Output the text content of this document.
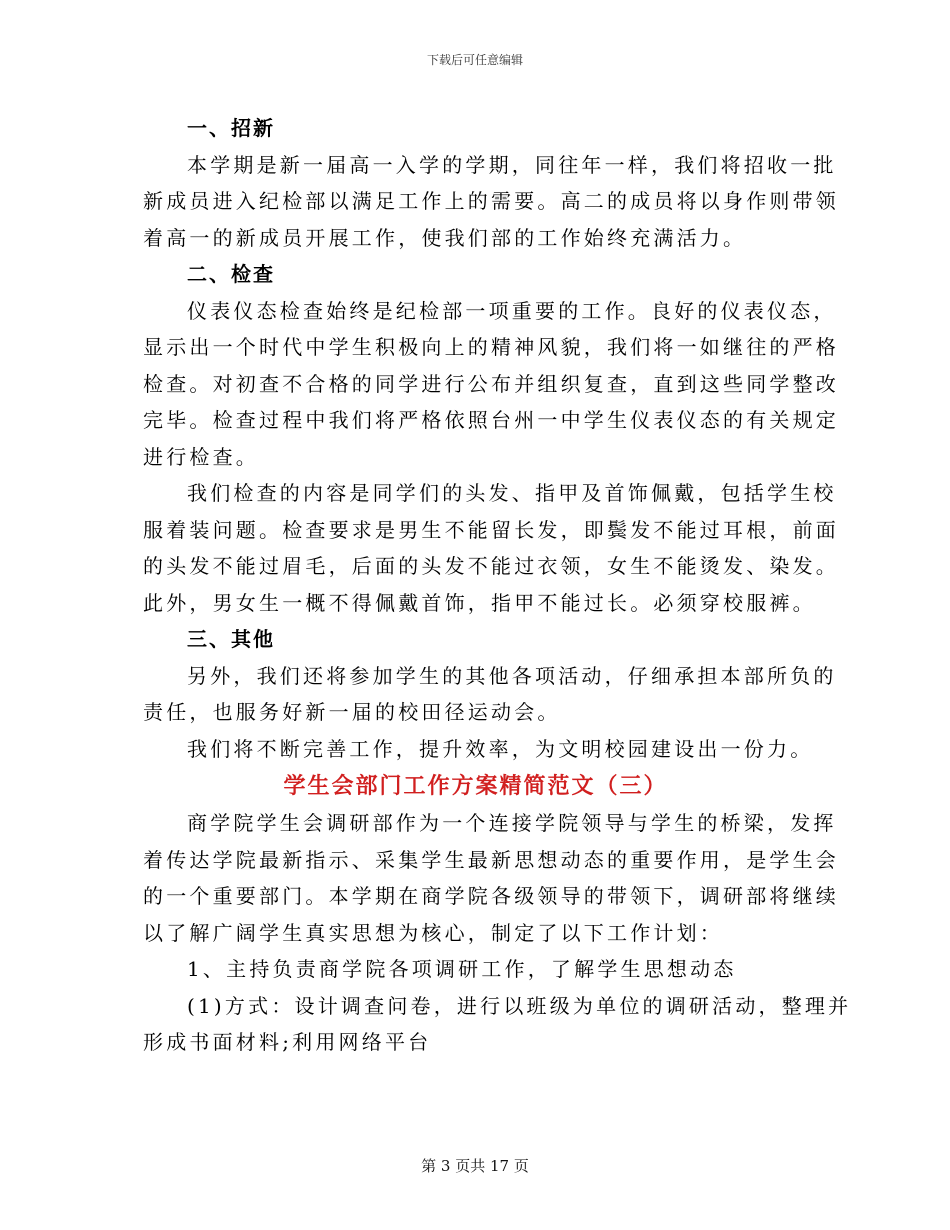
下载后可任意编辑
一、招新
本学期是新一届高一入学的学期，同往年一样，我们将招收一批
新成员进入纪检部以满足工作上的需要。高二的成员将以身作则带领
着高一的新成员开展工作，使我们部的工作始终充满活力。
二、检查
仪表仪态检查始终是纪检部一项重要的工作。良好的仪表仪态，
显示出一个时代中学生积极向上的精神风貌，我们将一如继往的严格
检查。对初查不合格的同学进行公布并组织复查，直到这些同学整改
完毕。检查过程中我们将严格依照台州一中学生仪表仪态的有关规定
进行检查。
我们检查的内容是同学们的头发、指甲及首饰佩戴，包括学生校
服着装问题。检查要求是男生不能留长发，即鬓发不能过耳根，前面
的头发不能过眉毛，后面的头发不能过衣领，女生不能烫发、染发。
此外，男女生一概不得佩戴首饰，指甲不能过长。必须穿校服裤。
三、其他
另外，我们还将参加学生的其他各项活动，仔细承担本部所负的
责任，也服务好新一届的校田径运动会。
我们将不断完善工作，提升效率，为文明校园建设出一份力。
学生会部门工作方案精简范文（三）
商学院学生会调研部作为一个连接学院领导与学生的桥梁，发挥
着传达学院最新指示、采集学生最新思想动态的重要作用，是学生会
的一个重要部门。本学期在商学院各级领导的带领下，调研部将继续
以了解广阔学生真实思想为核心，制定了以下工作计划：
1、主持负责商学院各项调研工作，了解学生思想动态
(1)方式：设计调查问卷，进行以班级为单位的调研活动，整理并
形成书面材料;利用网络平台
第 3 页共 17 页
